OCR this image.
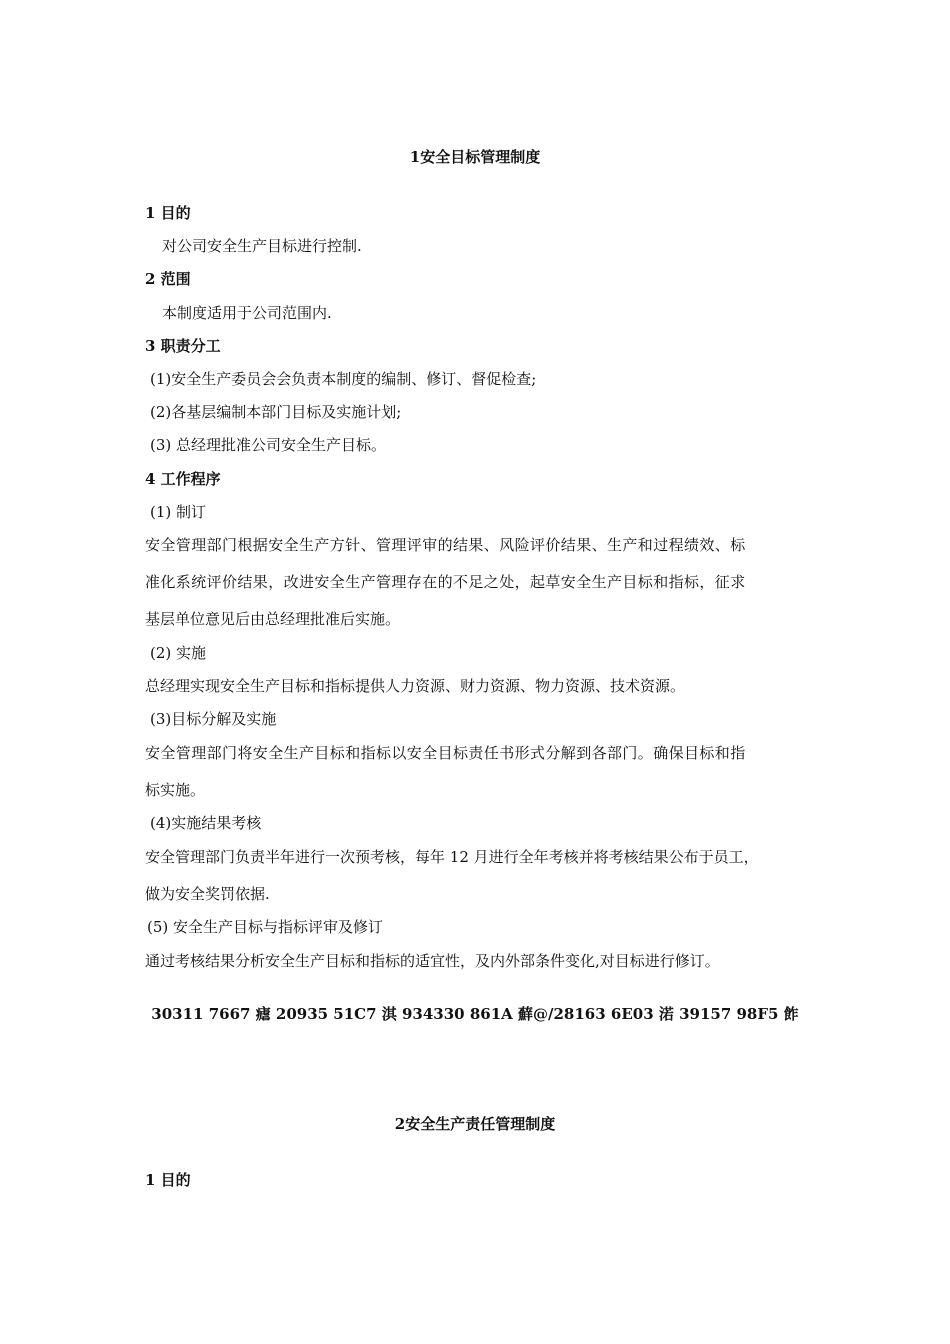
1安全目标管理制度
1 目的
对公司安全生产目标进行控制.
2 范围
本制度适用于公司范围内.
3 职责分工
(1)安全生产委员会会负责本制度的编制、修订、督促检查;
(2)各基层编制本部门目标及实施计划;
(3) 总经理批准公司安全生产目标。
4 工作程序
(1) 制订
安全管理部门根据安全生产方针、管理评审的结果、风险评价结果、生产和过程绩效、标
准化系统评价结果，改进安全生产管理存在的不足之处，起草安全生产目标和指标，征求
基层单位意见后由总经理批准后实施。
(2) 实施
总经理实现安全生产目标和指标提供人力资源、财力资源、物力资源、技术资源。
(3)目标分解及实施
安全管理部门将安全生产目标和指标以安全目标责任书形式分解到各部门。确保目标和指
标实施。
(4)实施结果考核
安全管理部门负责半年进行一次预考核，每年 12 月进行全年考核并将考核结果公布于员工，
做为安全奖罚依据.
(5) 安全生产目标与指标评审及修订
通过考核结果分析安全生产目标和指标的适宜性，及内外部条件变化,对目标进行修订。
30311 7667 瘧 20935 51C7 淇 934330 861A 蘚@/28163 6E03 渃 39157 98F5 飵
2安全生产责任管理制度
1 目的
